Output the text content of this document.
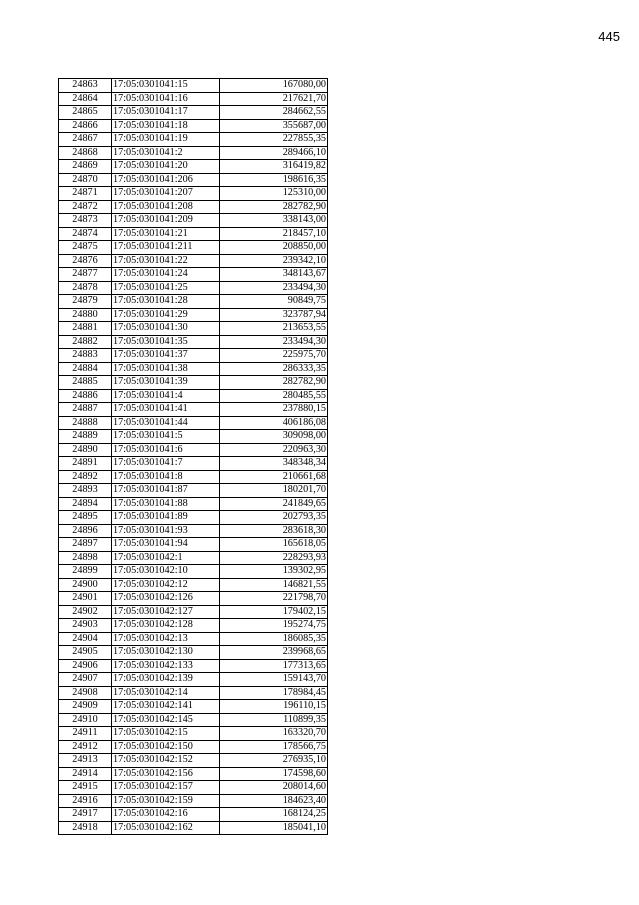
445
24863	17:05:0301041:15	167080,00
24864	17:05:0301041:16	217621,70
24865	17:05:0301041:17	284662,55
24866	17:05:0301041:18	355687,00
24867	17:05:0301041:19	227855,35
24868	17:05:0301041:2	289466,10
24869	17:05:0301041:20	316419,82
24870	17:05:0301041:206	198616,35
24871	17:05:0301041:207	125310,00
24872	17:05:0301041:208	282782,90
24873	17:05:0301041:209	338143,00
24874	17:05:0301041:21	218457,10
24875	17:05:0301041:211	208850,00
24876	17:05:0301041:22	239342,10
24877	17:05:0301041:24	348143,67
24878	17:05:0301041:25	233494,30
24879	17:05:0301041:28	90849,75
24880	17:05:0301041:29	323787,94
24881	17:05:0301041:30	213653,55
24882	17:05:0301041:35	233494,30
24883	17:05:0301041:37	225975,70
24884	17:05:0301041:38	286333,35
24885	17:05:0301041:39	282782,90
24886	17:05:0301041:4	280485,55
24887	17:05:0301041:41	237880,15
24888	17:05:0301041:44	406186,08
24889	17:05:0301041:5	309098,00
24890	17:05:0301041:6	220963,30
24891	17:05:0301041:7	348348,34
24892	17:05:0301041:8	210661,68
24893	17:05:0301041:87	180201,70
24894	17:05:0301041:88	241849,65
24895	17:05:0301041:89	202793,35
24896	17:05:0301041:93	283618,30
24897	17:05:0301041:94	165618,05
24898	17:05:0301042:1	228293,93
24899	17:05:0301042:10	139302,95
24900	17:05:0301042:12	146821,55
24901	17:05:0301042:126	221798,70
24902	17:05:0301042:127	179402,15
24903	17:05:0301042:128	195274,75
24904	17:05:0301042:13	186085,35
24905	17:05:0301042:130	239968,65
24906	17:05:0301042:133	177313,65
24907	17:05:0301042:139	159143,70
24908	17:05:0301042:14	178984,45
24909	17:05:0301042:141	196110,15
24910	17:05:0301042:145	110899,35
24911	17:05:0301042:15	163320,70
24912	17:05:0301042:150	178566,75
24913	17:05:0301042:152	276935,10
24914	17:05:0301042:156	174598,60
24915	17:05:0301042:157	208014,60
24916	17:05:0301042:159	184623,40
24917	17:05:0301042:16	168124,25
24918	17:05:0301042:162	185041,10
